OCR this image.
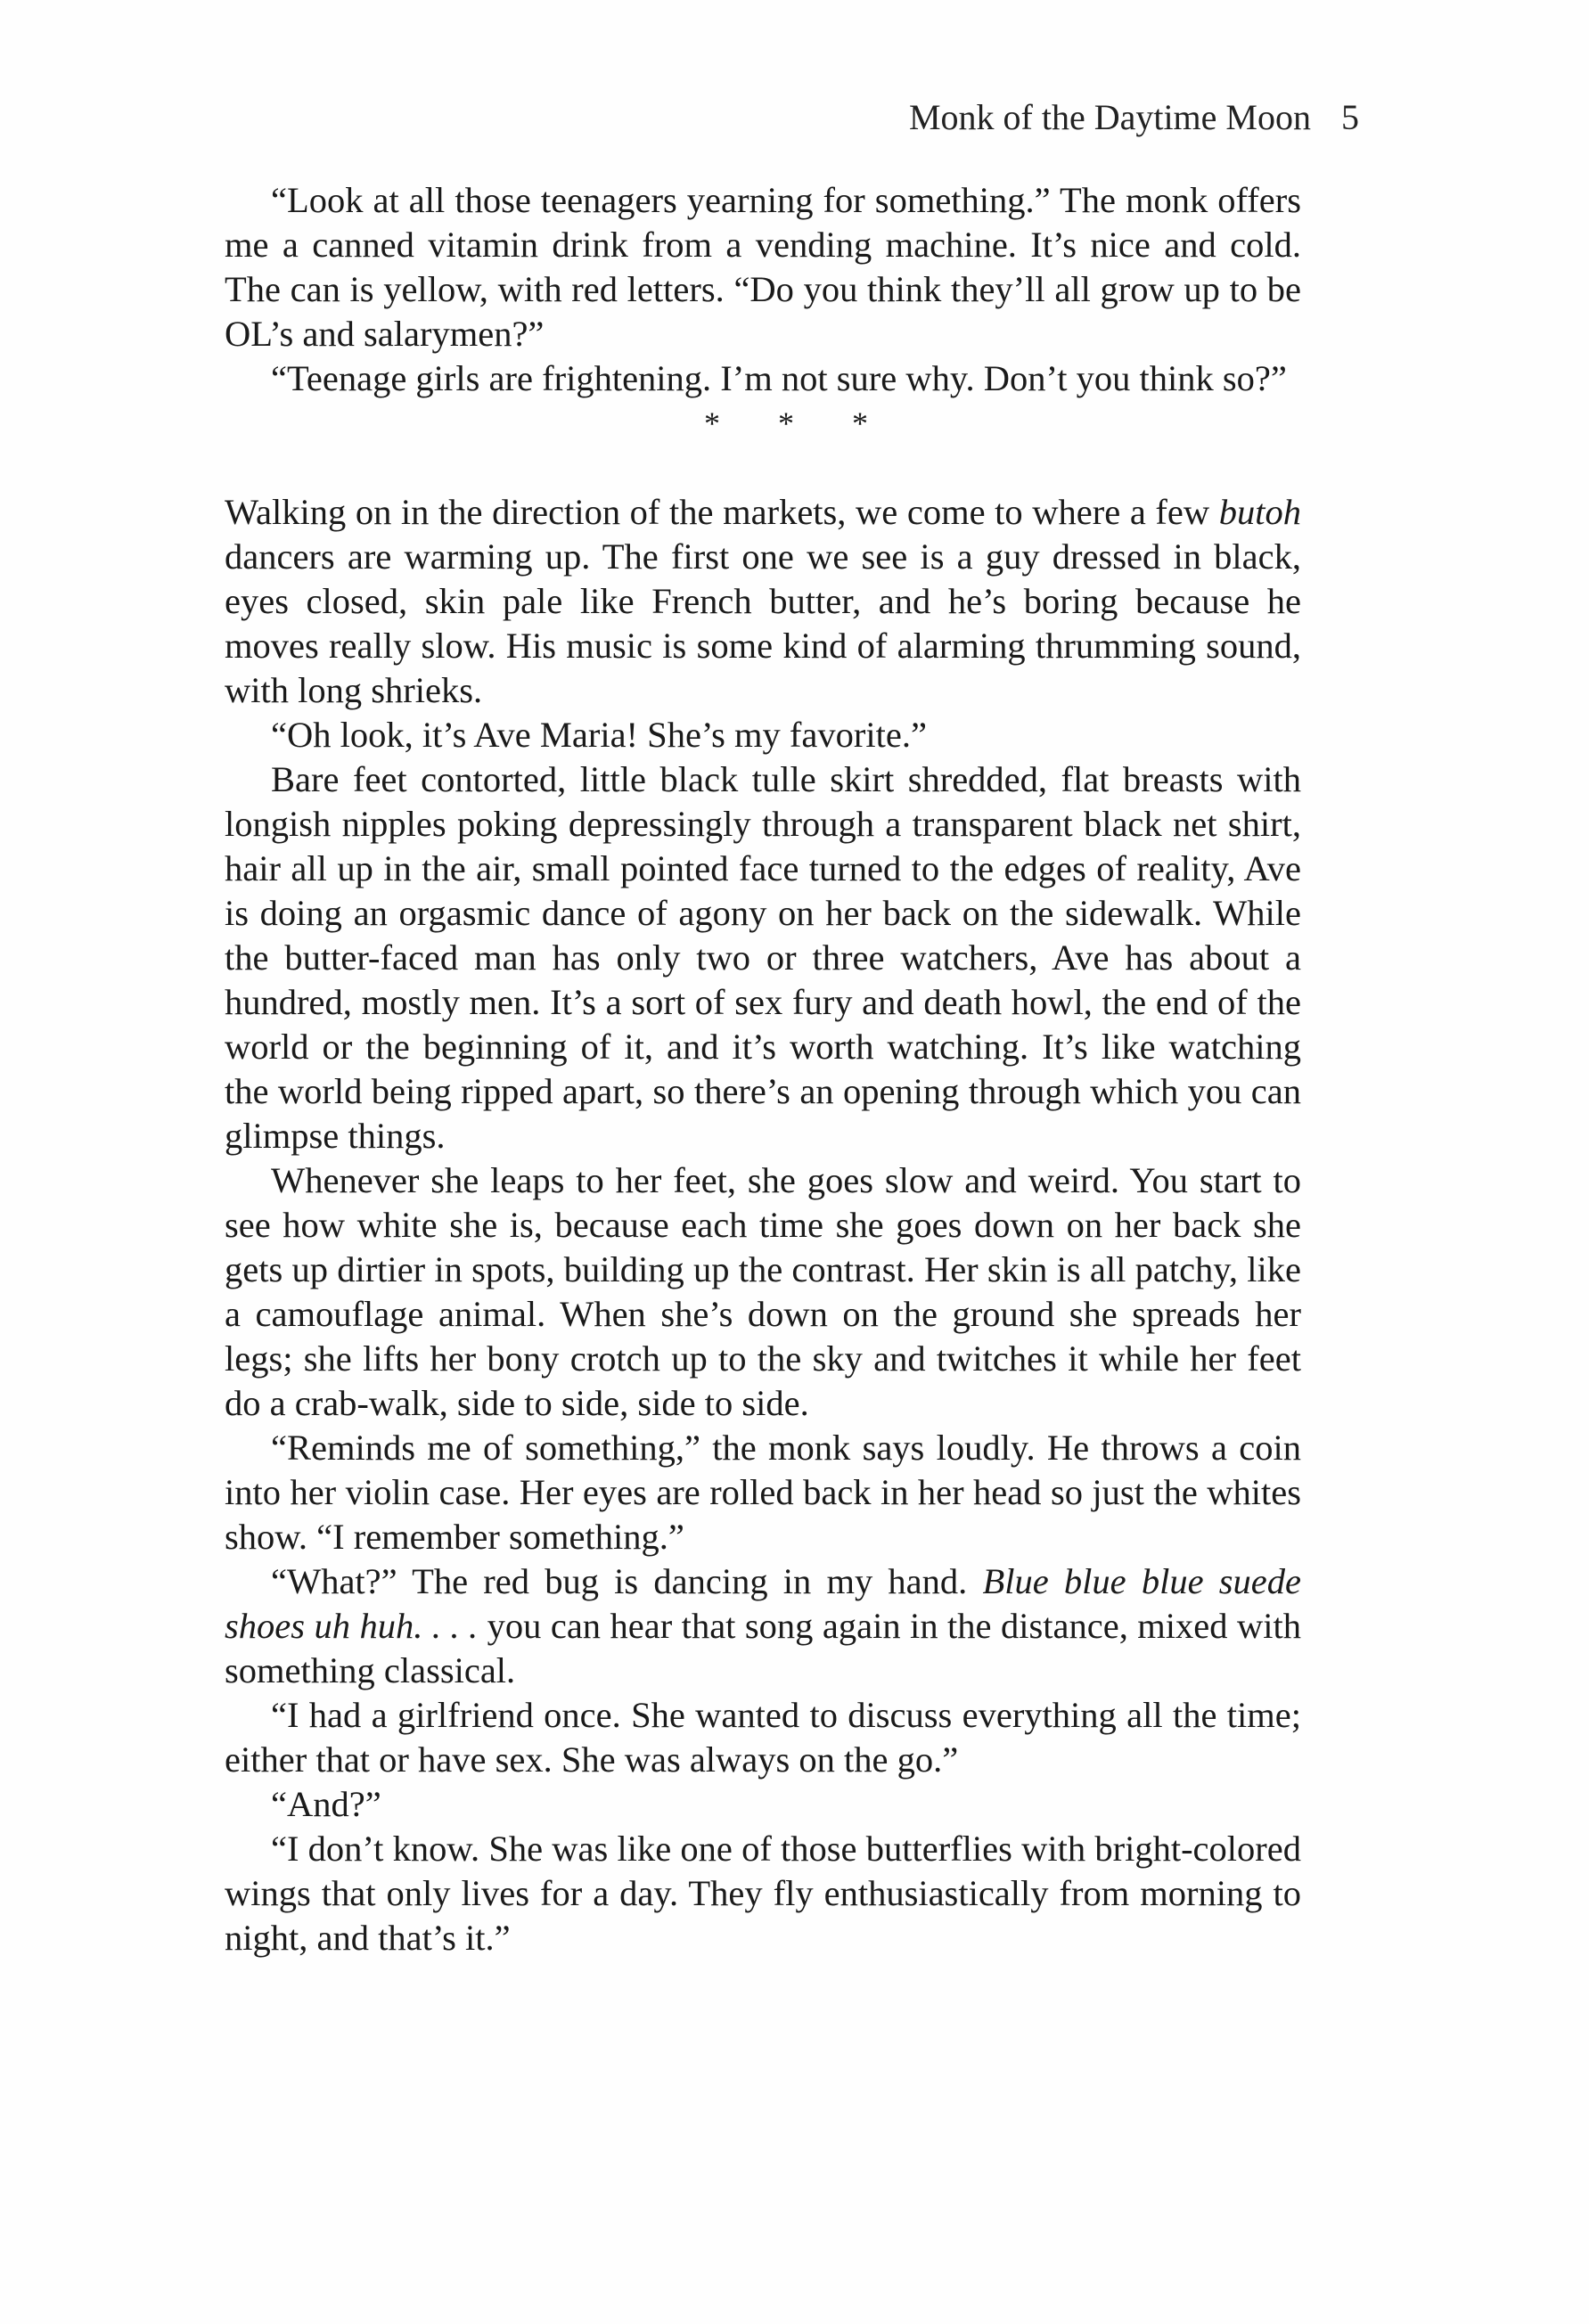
Monk of the Daytime Moon 5

“Look at all those teenagers yearning for something.” The monk offers me a canned vitamin drink from a vending machine. It’s nice and cold. The can is yellow, with red letters. “Do you think they’ll all grow up to be OL’s and salarymen?”

“Teenage girls are frightening. I’m not sure why. Don’t you think so?”

* * *

Walking on in the direction of the markets, we come to where a few butoh dancers are warming up. The first one we see is a guy dressed in black, eyes closed, skin pale like French butter, and he’s boring because he moves really slow. His music is some kind of alarming thrumming sound, with long shrieks.

“Oh look, it’s Ave Maria! She’s my favorite.”

Bare feet contorted, little black tulle skirt shredded, flat breasts with longish nipples poking depressingly through a transparent black net shirt, hair all up in the air, small pointed face turned to the edges of reality, Ave is doing an orgasmic dance of agony on her back on the sidewalk. While the butter-faced man has only two or three watchers, Ave has about a hundred, mostly men. It’s a sort of sex fury and death howl, the end of the world or the beginning of it, and it’s worth watching. It’s like watching the world being ripped apart, so there’s an opening through which you can glimpse things.

Whenever she leaps to her feet, she goes slow and weird. You start to see how white she is, because each time she goes down on her back she gets up dirtier in spots, building up the contrast. Her skin is all patchy, like a camouflage animal. When she’s down on the ground she spreads her legs; she lifts her bony crotch up to the sky and twitches it while her feet do a crab-walk, side to side, side to side.

“Reminds me of something,” the monk says loudly. He throws a coin into her violin case. Her eyes are rolled back in her head so just the whites show. “I remember something.”

“What?” The red bug is dancing in my hand. Blue blue blue suede shoes uh huh. . . . you can hear that song again in the distance, mixed with something classical.

“I had a girlfriend once. She wanted to discuss everything all the time; either that or have sex. She was always on the go.”

“And?”

“I don’t know. She was like one of those butterflies with bright-colored wings that only lives for a day. They fly enthusiastically from morning to night, and that’s it.”
